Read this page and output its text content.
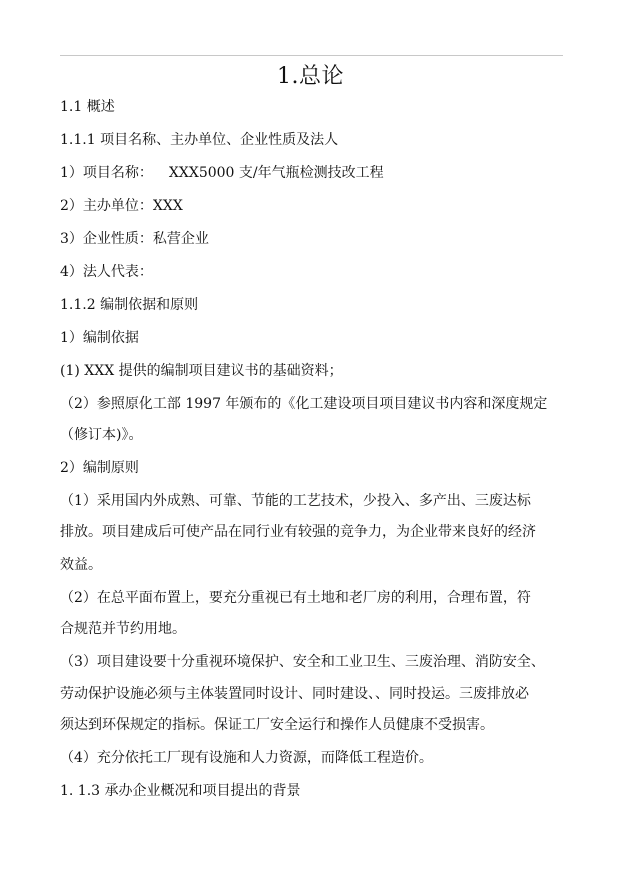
1.总论
1.1 概述
1.1.1 项目名称、主办单位、企业性质及法人
1）项目名称： XXX5000 支/年气瓶检测技改工程
2）主办单位：XXX
3）企业性质：私营企业
4）法人代表：
1.1.2 编制依据和原则
1）编制依据
(1) XXX 提供的编制项目建议书的基础资料；
（2）参照原化工部 1997 年颁布的《化工建设项目项目建议书内容和深度规定
（修订本)》。
2）编制原则
（1）采用国内外成熟、可靠、节能的工艺技术，少投入、多产出、三废达标
排放。项目建成后可使产品在同行业有较强的竞争力，为企业带来良好的经济
效益。
（2）在总平面布置上，要充分重视已有土地和老厂房的利用，合理布置，符
合规范并节约用地。
（3）项目建设要十分重视环境保护、安全和工业卫生、三废治理、消防安全、
劳动保护设施必须与主体装置同时设计、同时建设、、同时投运。三废排放必
须达到环保规定的指标。保证工厂安全运行和操作人员健康不受损害。
（4）充分依托工厂现有设施和人力资源，而降低工程造价。
1. 1.3 承办企业概况和项目提出的背景
